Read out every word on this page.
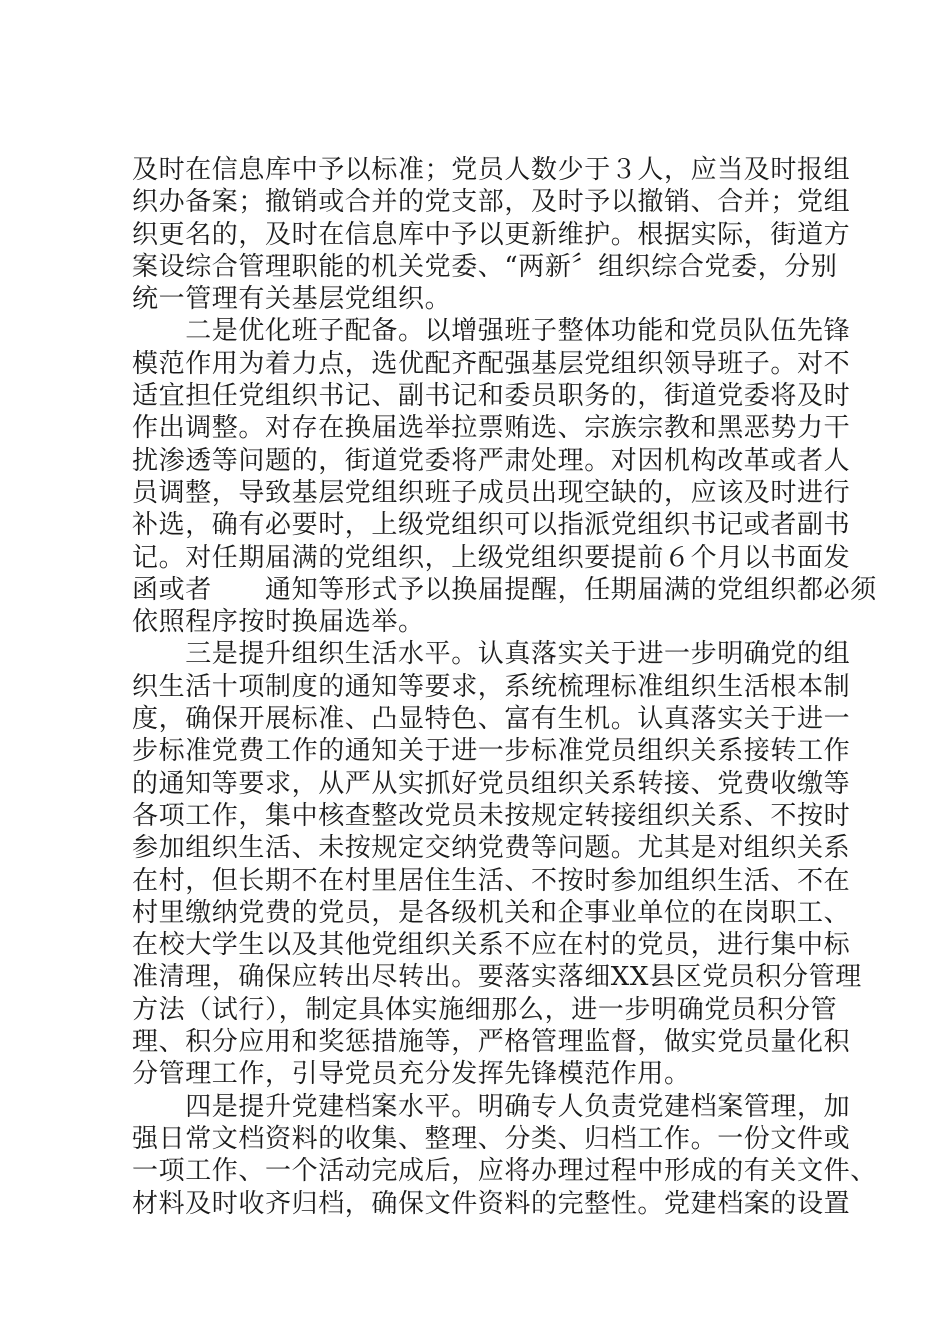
及时在信息库中予以标准；党员人数少于３人，应当及时报组
织办备案；撤销或合并的党支部，及时予以撤销、合并；党组
织更名的，及时在信息库中予以更新维护。根据实际，街道方
案设综合管理职能的机关党委、“两新〞组织综合党委，分别
统一管理有关基层党组织。
　　二是优化班子配备。以增强班子整体功能和党员队伍先锋
模范作用为着力点，选优配齐配强基层党组织领导班子。对不
适宜担任党组织书记、副书记和委员职务的，街道党委将及时
作出调整。对存在换届选举拉票贿选、宗族宗教和黑恶势力干
扰渗透等问题的，街道党委将严肃处理。对因机构改革或者人
员调整，导致基层党组织班子成员出现空缺的，应该及时进行
补选，确有必要时，上级党组织可以指派党组织书记或者副书
记。对任期届满的党组织，上级党组织要提前６个月以书面发
函或者　　通知等形式予以换届提醒，任期届满的党组织都必须
依照程序按时换届选举。
　　三是提升组织生活水平。认真落实关于进一步明确党的组
织生活十项制度的通知等要求，系统梳理标准组织生活根本制
度，确保开展标准、凸显特色、富有生机。认真落实关于进一
步标准党费工作的通知关于进一步标准党员组织关系接转工作
的通知等要求，从严从实抓好党员组织关系转接、党费收缴等
各项工作，集中核查整改党员未按规定转接组织关系、不按时
参加组织生活、未按规定交纳党费等问题。尤其是对组织关系
在村，但长期不在村里居住生活、不按时参加组织生活、不在
村里缴纳党费的党员，是各级机关和企事业单位的在岗职工、
在校大学生以及其他党组织关系不应在村的党员，进行集中标
准清理，确保应转出尽转出。要落实落细XX县区党员积分管理
方法（试行），制定具体实施细那么，进一步明确党员积分管
理、积分应用和奖惩措施等，严格管理监督，做实党员量化积
分管理工作，引导党员充分发挥先锋模范作用。
　　四是提升党建档案水平。明确专人负责党建档案管理，加
强日常文档资料的收集、整理、分类、归档工作。一份文件或
一项工作、一个活动完成后，应将办理过程中形成的有关文件、
材料及时收齐归档，确保文件资料的完整性。党建档案的设置
